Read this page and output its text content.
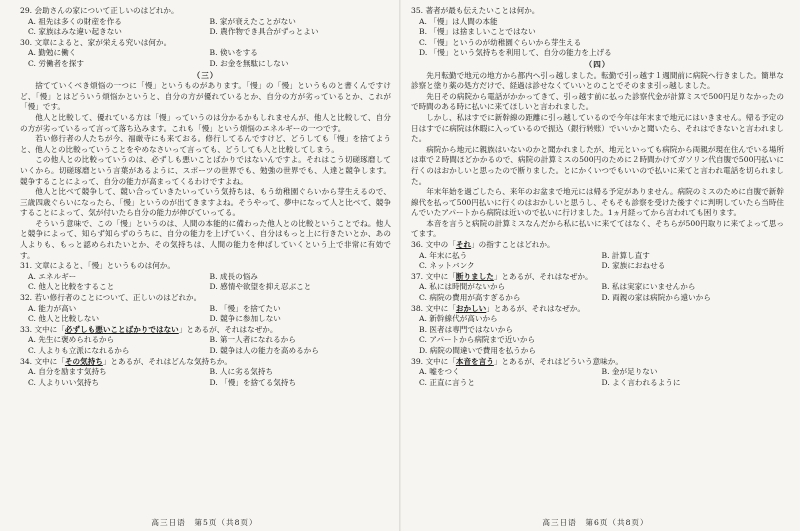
29. 会助さんの家について正しいのはどれか。

A. 祖先は多くの財産を作る	B. 家が衰えたことがない
C. 家族はみな違い起きない	D. 農作物でき具合がずっとよい

30. 文章によると、家が栄える究いは何か。

A. 勤勉に働く	B. 倹いをする
C. 労働者を探す	D. お金を無駄にしない

（三）

捨てていくべき煩悩の一つに「慢」というものがあります。「慢」の「慢」というものと書くんですけど、「慢」とはどういう煩悩かというと、自分の方が優れているとか、自分の方が劣っているとか、これが「慢」です。

他人と比較して、優れている方は「慢」っていうのは分かるかもしれませんが、他人と比較して、自分の方が劣っているって言って落ち込みます。これも「慢」という煩悩のエネルギーの一つです。

若い修行者の人たちが今、福厳寺にも来ておる。修行してるんですけど、どうしても「慢」を捨てようと、他人との比較っていうことをやめなさいって言っても、どうしても人と比較してしまう。

この他人との比較っていうのは、必ずしも悪いことばかりではないんですよ。それはこう切磋琢磨していくから。切磋琢磨という言葉があるように、スポーツの世界でも、勉強の世界でも、人達と競争します。競争することによって、自分の能力が高まってくるわけですよね。

他人と比べて競争して、競い合っていきたいっていう気持ちは、もう幼稚園ぐらいから芽生えるので、三歳四歳ぐらいになったら、「慢」というのが出てきますよね。そうやって、夢中になって人と比べて、競争することによって、気が付いたら自分の能力が伸びていってる。

そういう意味で、この「慢」というのは、人間の本能的に備わった他人との比較ということでね。他人と競争によって、知らず知らずのうちに、自分の能力を上げていく、自分はもっと上に行きたいとか、あの人よりも、もっと認められたいとか、その気持ちは、人間の能力を伸ばしていくという上で非常に有効です。

31. 文章によると、「慢」というものは何か。

A. エネルギー	B. 成長の悩み
C. 他人と比較をすること	D. 感情や欲望を抑え忍ぶこと

32. 若い修行者のことについて、正しいのはどれか。

A. 能力が高い	B. 「慢」を捨てたい
C. 他人と比較しない	D. 競争に参加しない

33. 文中に「必ずしも悪いことばかりではない」とあるが、それはなぜか。

A. 先生に褒められるから	B. 第一人者になれるから
C. 人よりも立派になれるから	D. 競争は人の能力を高めるから

34. 文中に「その気持ち」とあるが、それはどんな気持ちか。

A. 自分を励ます気持ち	B. 人に劣る気持ち
C. 人よりいい気持ち	D. 「慢」を捨てる気持ち
高三日语　第5页（共8页）

35. 著者が最も伝えたいことは何か。

A. 「慢」は人間の本能
B. 「慢」は捨ましいことではない
C. 「慢」というのが幼稚園ぐらいから芽生える
D. 「慢」という気持ちを利用して、自分の能力を上げる

（四）

先月転勤で地元の地方から都内へ引っ越しました。転勤で引っ越す１週間前に病院へ行きました。簡単な診察と塗り薬の処方だけで、経過は診せなくていいとのことでそのまま引っ越しました。

先日その病院から電話がかかってきて、引っ越す前に払った診察代金が計算ミスで500円足りなかったので時間のある時に払いに来てほしいと言われました。

しかし、私はすでに新幹線の距離に引っ越しているので今年は年末まで地元にはいきません。帰る予定の日はすでに病院は休暇に入っているので振込（銀行转账）でいいかと聞いたら、それはできないと言われました。

病院から地元に親族はいないのかと聞かれましたが、地元といっても病院から両親が現在住んでいる場所は車で２時間ほどかかるので、病院の計算ミスの500円のために２時間かけてガソリン代自腹で500円払いに行くのはおかしいと思ったので断りました。とにかくいつでもいいので払いに来てと言われ電話を切られました。

年末年始を過ごしたら、来年のお盆まで地元には帰る予定がありません。病院のミスのために自腹で新幹線代を払って500円払いに行くのはおかしいと思うし、そもそも診察を受けた後すぐに判明していたら当時住んでいたアパートから病院は近いので払いに行けました。1ヵ月経ってから言われても困ります。

本音を言うと病院の計算ミスなんだから私に払いに来ててはなく、そちらが500円取りに来てよって思ってます。

36. 文中の「それ」の指すことはどれか。

A. 年末に払う	B. 計算し直す
C. ネットバンク	D. 家族におねせる

37. 文中に「断りました」とあるが、それはなぜか。

A. 私には時間がないから	B. 私は実家にいませんから
C. 病院の費用が高すぎるから	D. 両親の家は病院から遠いから

38. 文中に「おかしい」とあるが、それはなぜか。

A. 新幹線代が高いから
B. 医者は専門ではないから
C. アパートから病院まで近いから
D. 病院の間違いで費用を払うから

39. 文中に「本音を言う」とあるが、それはどういう意味か。

A. 嘘をつく	B. 金が足りない
C. 正直に言うと	D. よく言われるように
高三日语　第6页（共8页）
